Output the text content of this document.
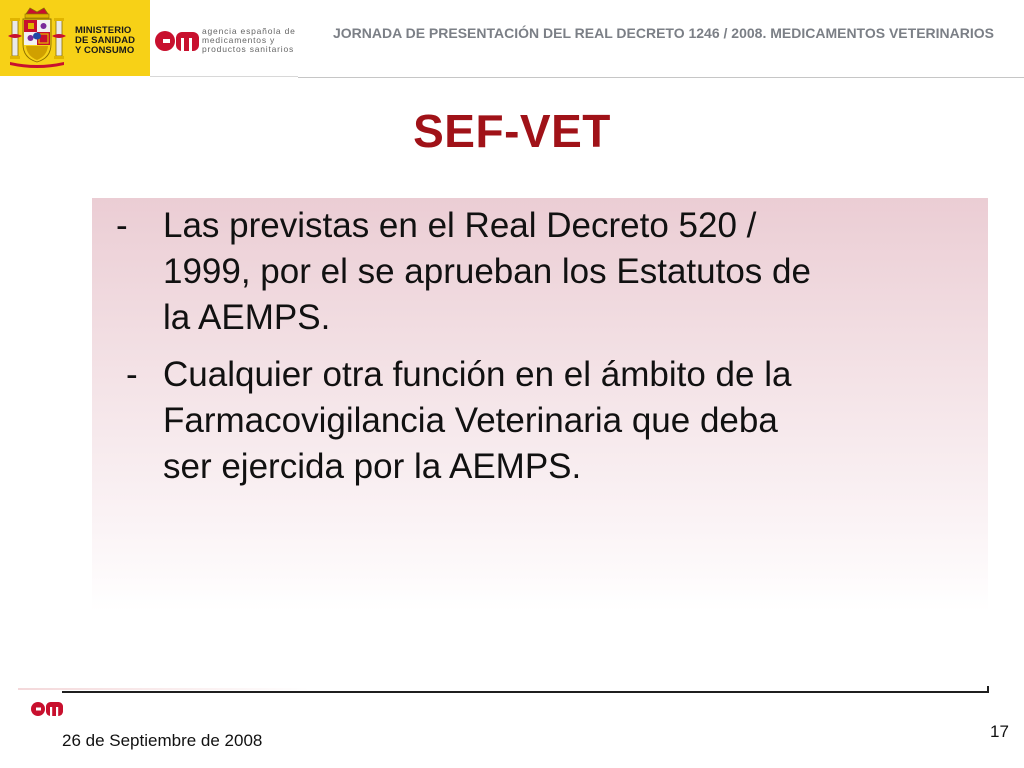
MINISTERIO
DE SANIDAD
Y CONSUMO
agencia española de
medicamentos y
productos sanitarios

JORNADA DE PRESENTACIÓN DEL REAL DECRETO 1246 / 2008. MEDICAMENTOS VETERINARIOS

SEF-VET
- Las previstas en el Real Decreto 520 /
1999, por el se aprueban los Estatutos de
la AEMPS.
- Cualquier otra función en el ámbito de la
Farmacovigilancia Veterinaria que deba
ser ejercida por la AEMPS.
26 de Septiembre de 2008	17
